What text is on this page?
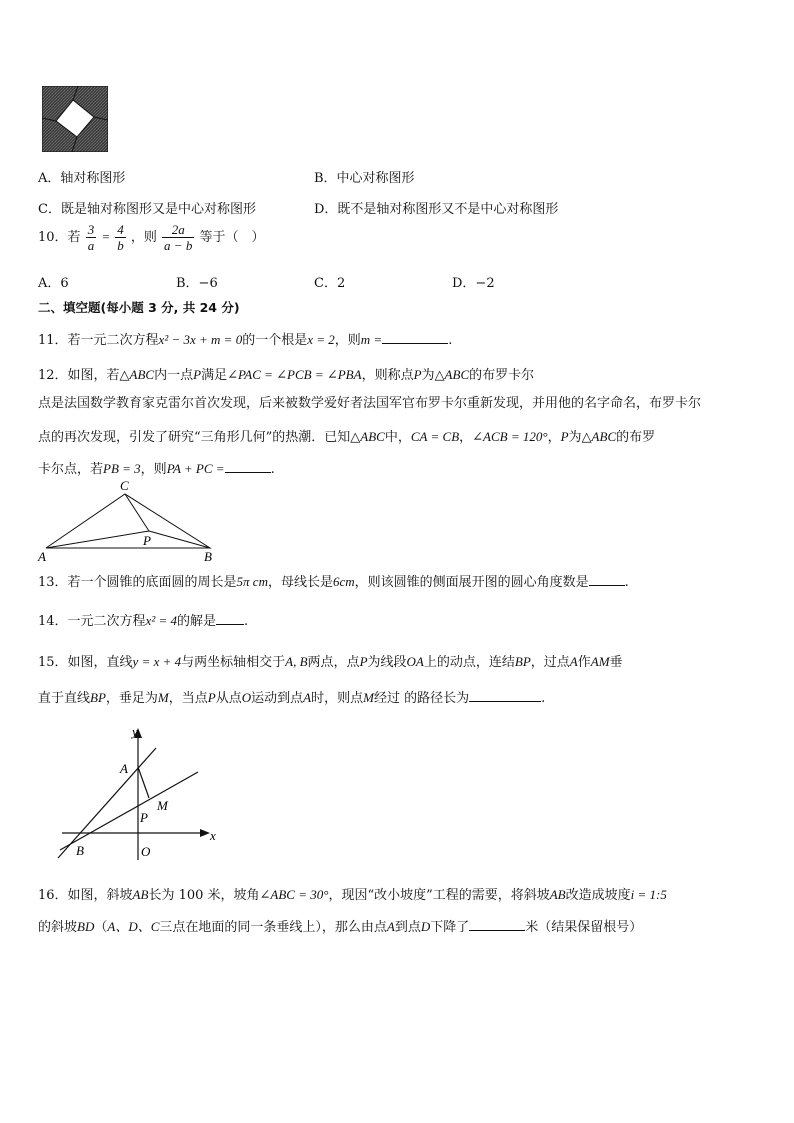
A．轴对称图形	B．中心对称图形
C．既是轴对称图形又是中心对称图形	D．既不是轴对称图形又不是中心对称图形
10．若 $\frac{3}{a} = \frac{4}{b}$ ，则 $\frac{2a}{a - b}$ 等于（　）
A．6	B．−6	C．2	D．−2
二、填空题(每小题 3 分, 共 24 分)
11．若一元二次方程x² − 3x + m = 0的一个根是x = 2，则m =	.
12．如图，若△ABC内一点P满足∠PAC = ∠PCB = ∠PBA，则称点P为△ABC的布罗卡尔
点是法国数学教育家克雷尔首次发现，后来被数学爱好者法国军官布罗卡尔重新发现，并用他的名字命名，布罗卡尔
点的再次发现，引发了研究“三角形几何”的热潮．已知△ABC中，CA = CB，∠ACB = 120°，P为△ABC的布罗
卡尔点，若PB = 3，则PA + PC =	.
C
P
A	B
13．若一个圆锥的底面圆的周长是5π cm，母线长是6cm，则该圆锥的侧面展开图的圆心角度数是	.
14．一元二次方程x² = 4的解是 .
15．如图，直线y = x + 4与两坐标轴相交于A, B两点，点P为线段OA上的动点，连结BP，过点A作AM垂
直于直线BP，垂足为M，当点P从点O运动到点A时，则点M经过 的路径长为	.
y
x
A
M
P
B	O
16．如图，斜坡AB长为 100 米，坡角∠ABC = 30°，现因“改小坡度”工程的需要，将斜坡AB改造成坡度i = 1:5
的斜坡BD（A、D、C三点在地面的同一条垂线上），那么由点A到点D下降了	米（结果保留根号）
